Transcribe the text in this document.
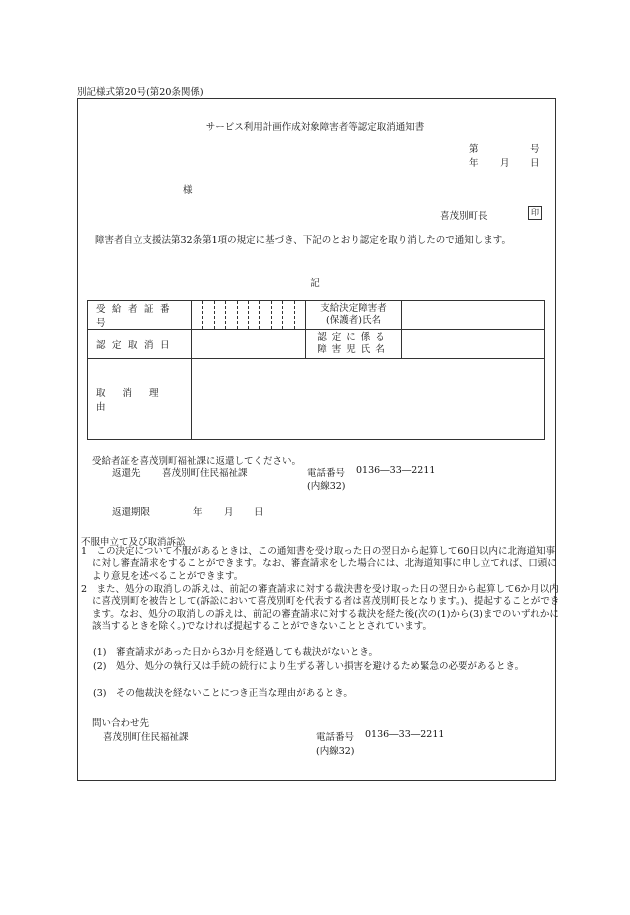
別記様式第20号(第20条関係)
サービス利用計画作成対象障害者等認定取消通知書
第	号
年 月 日
様
喜茂別町長	印
障害者自立支援法第32条第1項の規定に基づき、下記のとおり認定を取り消したので通知します。
記
受給者証番号		支給決定障害者
(保護者)氏名	

認定取消日		認定に係る
障害児氏名	

取消理由			
受給者証を喜茂別町福祉課に返還してください。
返還先 喜茂別町住民福祉課	電話番号 0136―33―2211
(内線32)
返還期限	年 月 日
不服申立て及び取消訴訟
1　この決定について不服があるときは、この通知書を受け取った日の翌日から起算して60日以内に北海道知事に対し審査請求をすることができます。なお、審査請求をした場合には、北海道知事に申し立てれば、口頭により意見を述べることができます。
2　また、処分の取消しの訴えは、前記の審査請求に対する裁決書を受け取った日の翌日から起算して6か月以内に喜茂別町を被告として(訴訟において喜茂別町を代表する者は喜茂別町長となります。)、提起することができます。なお、処分の取消しの訴えは、前記の審査請求に対する裁決を経た後(次の(1)から(3)までのいずれかに該当するときを除く。)でなければ提起することができないこととされています。
(1)　審査請求があった日から3か月を経過しても裁決がないとき。
(2)　処分、処分の執行又は手続の続行により生ずる著しい損害を避けるため緊急の必要があるとき。
(3)　その他裁決を経ないことにつき正当な理由があるとき。
問い合わせ先
喜茂別町住民福祉課	電話番号 0136―33―2211
(内線32)
